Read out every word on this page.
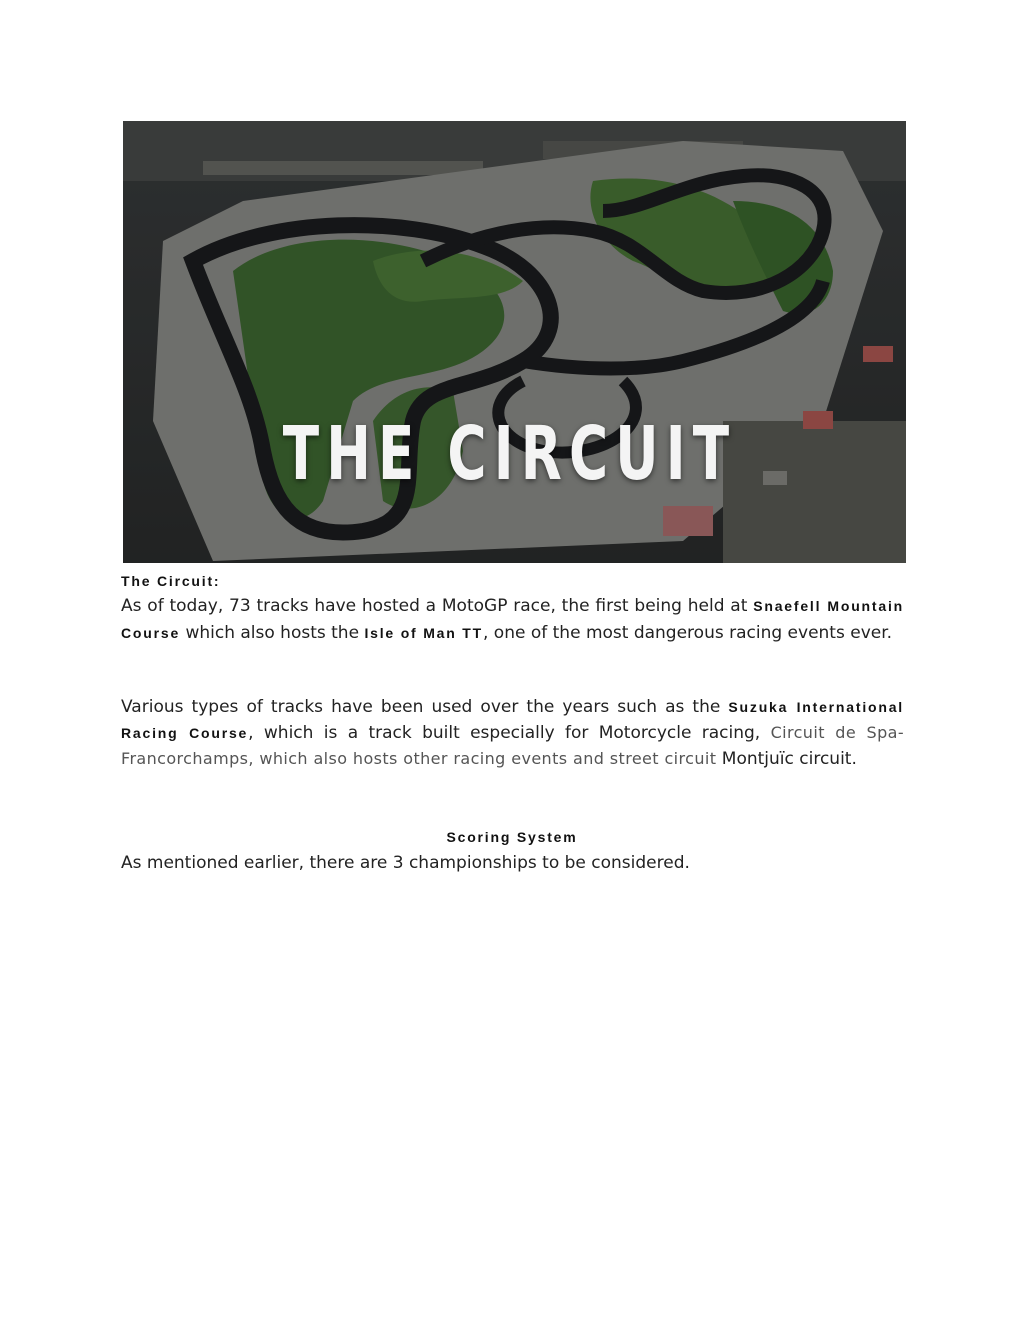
THE CIRCUIT
The Circuit:
As of today, 73 tracks have hosted a MotoGP race, the first being held at Snaefell Mountain Course which also hosts the Isle of Man TT, one of the most dangerous racing events ever.
Various types of tracks have been used over the years such as the Suzuka International Racing Course, which is a track built especially for Motorcycle racing, Circuit de Spa-Francorchamps, which also hosts other racing events and street circuit Montjuïc circuit.
Scoring System
As mentioned earlier, there are 3 championships to be considered.
